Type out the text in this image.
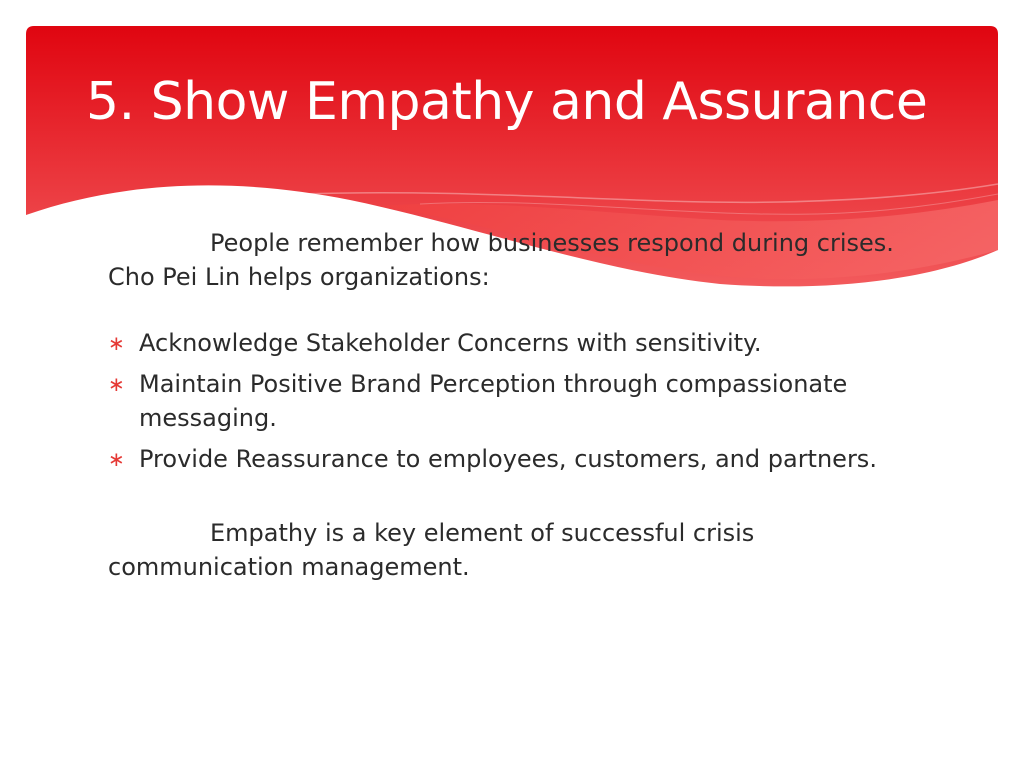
5. Show Empathy and Assurance

People remember how businesses respond during crises. Cho Pei Lin helps organizations:

∗ Acknowledge Stakeholder Concerns with sensitivity.
∗ Maintain Positive Brand Perception through compassionate messaging.
∗ Provide Reassurance to employees, customers, and partners.

Empathy is a key element of successful crisis communication management.
